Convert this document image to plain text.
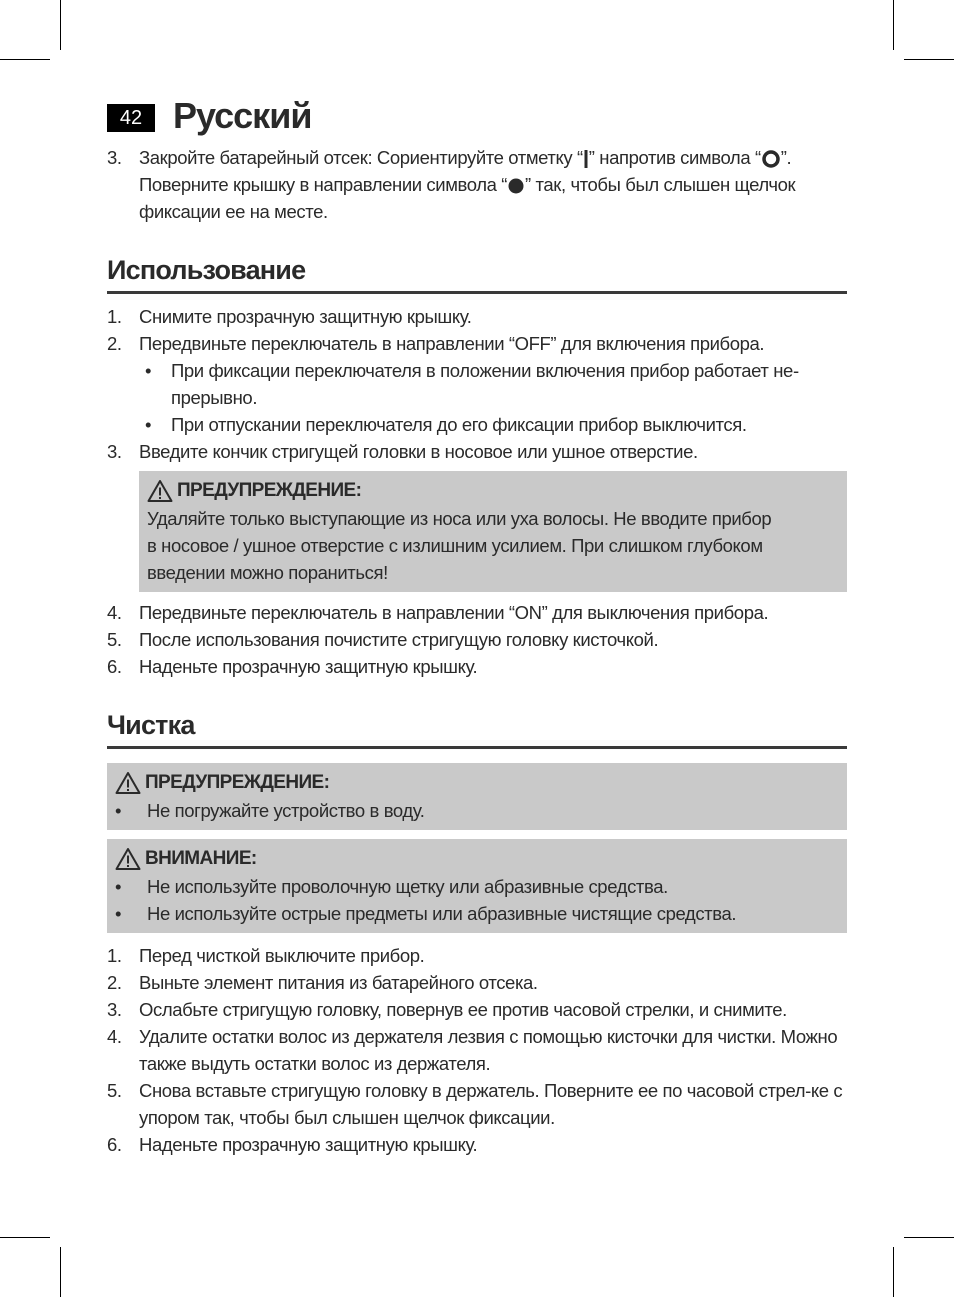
42 Русский
3. Закройте батарейный отсек: Сориентируйте отметку “ ” напротив символа “ ”. Поверните крышку в направлении символа “ ” так, чтобы был слышен щелчок фиксации ее на месте.
Использование
1. Снимите прозрачную защитную крышку.
2. Передвиньте переключатель в направлении “OFF” для включения прибора.
•	При фиксации переключателя в положении включения прибор работает не-прерывно.
•	При отпускании переключателя до его фиксации прибор выключится.
3. Введите кончик стригущей головки в носовое или ушное отверстие.
ПРЕДУПРЕЖДЕНИЕ:
Удаляйте только выступающие из носа или уха волосы. Не вводите прибор
в носовое / ушное отверстие с излишним усилием. При слишком глубоком
введении можно пораниться!
4. Передвиньте переключатель в направлении “ON” для выключения прибора.
5. После использования почистите стригущую головку кисточкой.
6. Наденьте прозрачную защитную крышку.
Чистка
ПРЕДУПРЕЖДЕНИЕ:
•	Не погружайте устройство в воду.
ВНИМАНИЕ:
•	Не используйте проволочную щетку или абразивные средства.
•	Не используйте острые предметы или абразивные чистящие средства.
1. Перед чисткой выключите прибор.
2. Выньте элемент питания из батарейного отсека.
3. Ослабьте стригущую головку, повернув ее против часовой стрелки, и снимите.
4. Удалите остатки волос из держателя лезвия с помощью кисточки для чистки. Можно также выдуть остатки волос из держателя.
5. Снова вставьте стригущую головку в держатель. Поверните ее по часовой стрел-ке с упором так, чтобы был слышен щелчок фиксации.
6. Наденьте прозрачную защитную крышку.
